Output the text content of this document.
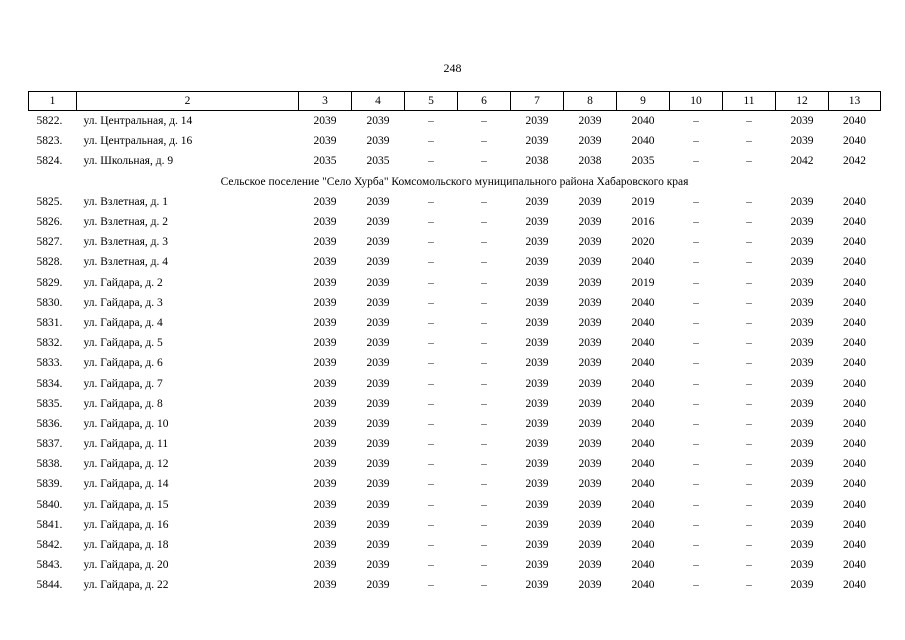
248
1	2	3	4	5	6	7	8	9	10	11	12	13
5822.	ул. Центральная, д. 14	2039	2039	–	–	2039	2039	2040	–	–	2039	2040
5823.	ул. Центральная, д. 16	2039	2039	–	–	2039	2039	2040	–	–	2039	2040
5824.	ул. Школьная, д. 9	2035	2035	–	–	2038	2038	2035	–	–	2042	2042
Сельское поселение "Село Хурба" Комсомольского муниципального района Хабаровского края												
5825.	ул. Взлетная, д. 1	2039	2039	–	–	2039	2039	2019	–	–	2039	2040
5826.	ул. Взлетная, д. 2	2039	2039	–	–	2039	2039	2016	–	–	2039	2040
5827.	ул. Взлетная, д. 3	2039	2039	–	–	2039	2039	2020	–	–	2039	2040
5828.	ул. Взлетная, д. 4	2039	2039	–	–	2039	2039	2040	–	–	2039	2040
5829.	ул. Гайдара, д. 2	2039	2039	–	–	2039	2039	2019	–	–	2039	2040
5830.	ул. Гайдара, д. 3	2039	2039	–	–	2039	2039	2040	–	–	2039	2040
5831.	ул. Гайдара, д. 4	2039	2039	–	–	2039	2039	2040	–	–	2039	2040
5832.	ул. Гайдара, д. 5	2039	2039	–	–	2039	2039	2040	–	–	2039	2040
5833.	ул. Гайдара, д. 6	2039	2039	–	–	2039	2039	2040	–	–	2039	2040
5834.	ул. Гайдара, д. 7	2039	2039	–	–	2039	2039	2040	–	–	2039	2040
5835.	ул. Гайдара, д. 8	2039	2039	–	–	2039	2039	2040	–	–	2039	2040
5836.	ул. Гайдара, д. 10	2039	2039	–	–	2039	2039	2040	–	–	2039	2040
5837.	ул. Гайдара, д. 11	2039	2039	–	–	2039	2039	2040	–	–	2039	2040
5838.	ул. Гайдара, д. 12	2039	2039	–	–	2039	2039	2040	–	–	2039	2040
5839.	ул. Гайдара, д. 14	2039	2039	–	–	2039	2039	2040	–	–	2039	2040
5840.	ул. Гайдара, д. 15	2039	2039	–	–	2039	2039	2040	–	–	2039	2040
5841.	ул. Гайдара, д. 16	2039	2039	–	–	2039	2039	2040	–	–	2039	2040
5842.	ул. Гайдара, д. 18	2039	2039	–	–	2039	2039	2040	–	–	2039	2040
5843.	ул. Гайдара, д. 20	2039	2039	–	–	2039	2039	2040	–	–	2039	2040
5844.	ул. Гайдара, д. 22	2039	2039	–	–	2039	2039	2040	–	–	2039	2040
